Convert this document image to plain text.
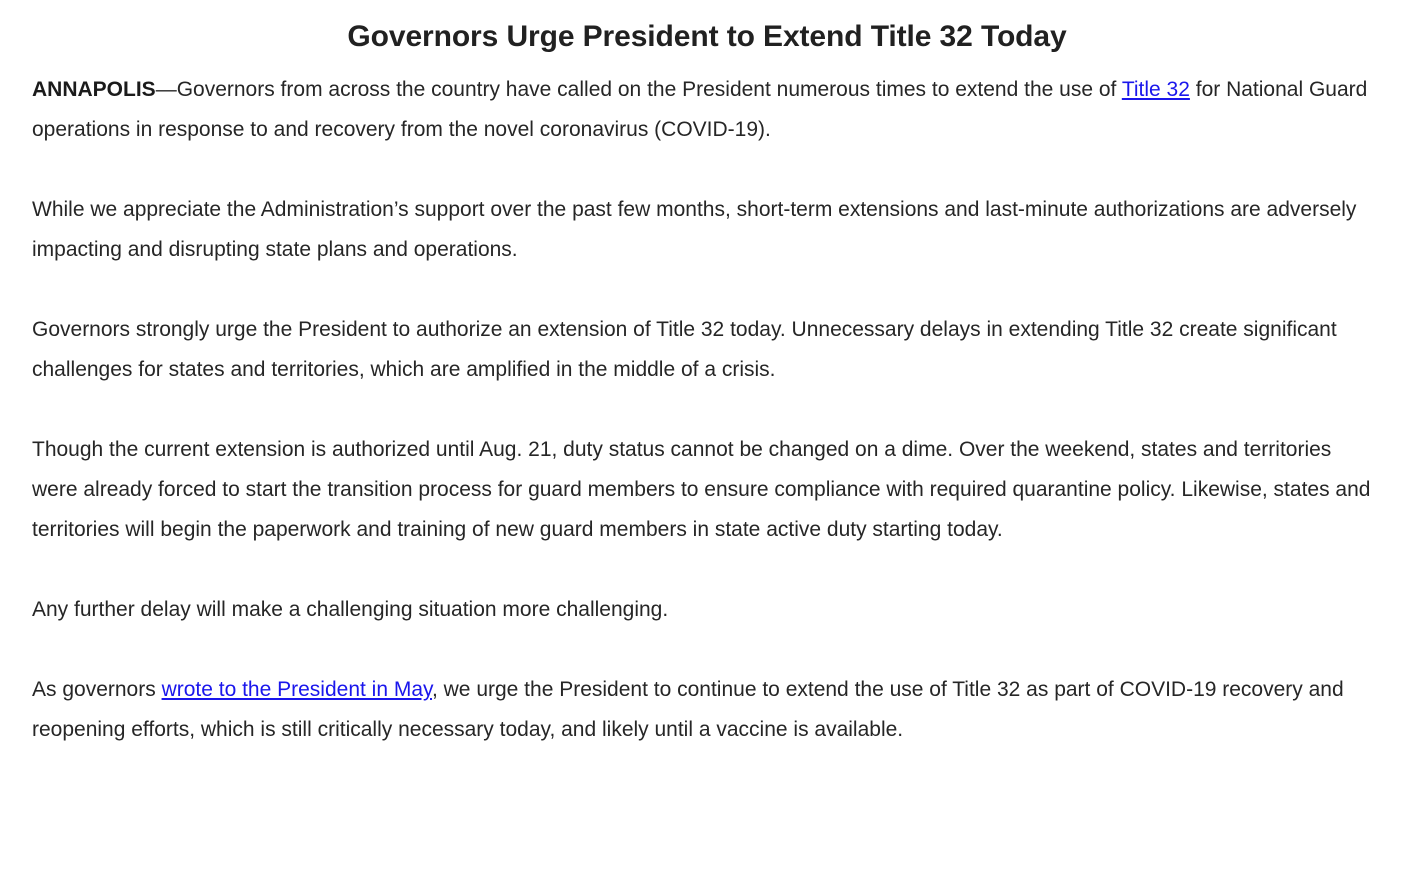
Governors Urge President to Extend Title 32 Today

ANNAPOLIS—Governors from across the country have called on the President numerous times to extend the use of Title 32 for National Guard operations in response to and recovery from the novel coronavirus (COVID-19).

While we appreciate the Administration’s support over the past few months, short-term extensions and last-minute authorizations are adversely impacting and disrupting state plans and operations.

Governors strongly urge the President to authorize an extension of Title 32 today. Unnecessary delays in extending Title 32 create significant challenges for states and territories, which are amplified in the middle of a crisis.

Though the current extension is authorized until Aug. 21, duty status cannot be changed on a dime. Over the weekend, states and territories were already forced to start the transition process for guard members to ensure compliance with required quarantine policy. Likewise, states and territories will begin the paperwork and training of new guard members in state active duty starting today.

Any further delay will make a challenging situation more challenging.

As governors wrote to the President in May, we urge the President to continue to extend the use of Title 32 as part of COVID-19 recovery and reopening efforts, which is still critically necessary today, and likely until a vaccine is available.
